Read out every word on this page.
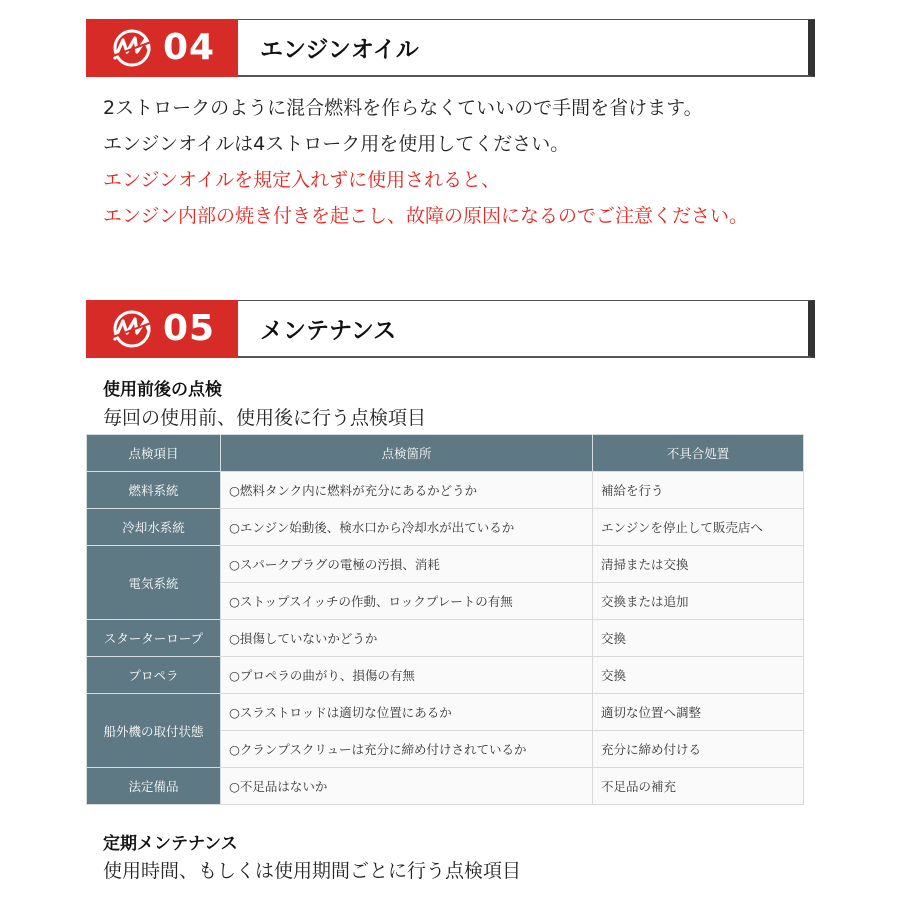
04	エンジンオイル

2ストロークのように混合燃料を作らなくていいので手間を省けます。

エンジンオイルは4ストローク用を使用してください。

エンジンオイルを規定入れずに使用されると、

エンジン内部の焼き付きを起こし、故障の原因になるのでご注意ください。

05	メンテナンス
使用前後の点検
毎回の使用前、使用後に行う点検項目
点検項目	点検箇所	不具合処置
燃料系統	○燃料タンク内に燃料が充分にあるかどうか	補給を行う
冷却水系統	○エンジン始動後、検水口から冷却水が出ているか	エンジンを停止して販売店へ
電気系統	○スパークプラグの電極の汚損、消耗	清掃または交換
	○ストップスイッチの作動、ロックプレートの有無	交換または追加
スターターロープ	○損傷していないかどうか	交換
プロペラ	○プロペラの曲がり、損傷の有無	交換
船外機の取付状態	○スラストロッドは適切な位置にあるか	適切な位置へ調整
	○クランプスクリューは充分に締め付けされているか	充分に締め付ける
法定備品	○不足品はないか	不足品の補充
定期メンテナンス
使用時間、もしくは使用期間ごとに行う点検項目
